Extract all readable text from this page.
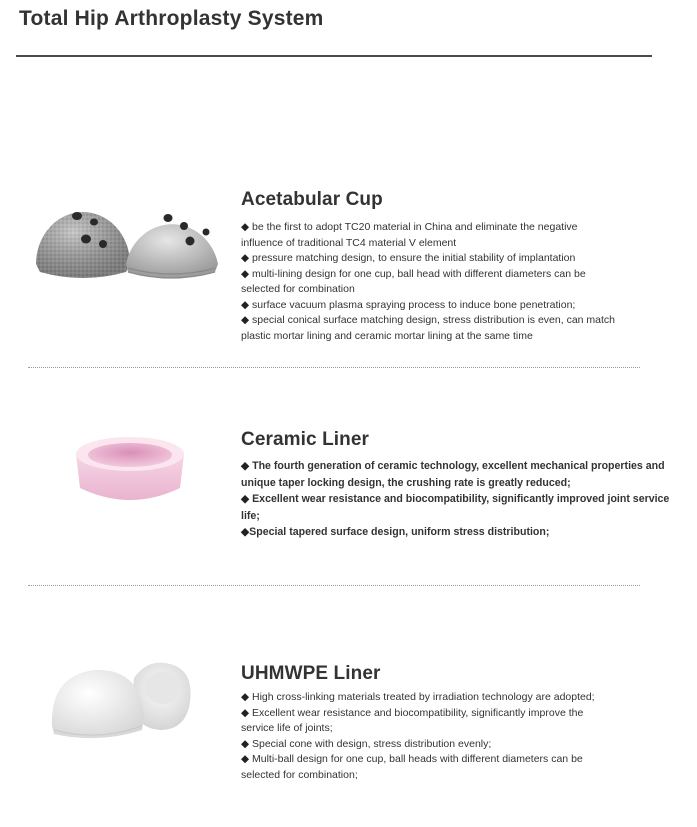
Total Hip Arthroplasty System
Acetabular Cup
◆ be the first to adopt TC20 material in China and eliminate the negative influence of traditional TC4 material V element
◆ pressure matching design, to ensure the initial stability of implantation
◆ multi-lining design for one cup, ball head with different diameters can be selected for combination
◆ surface vacuum plasma spraying process to induce bone penetration;
◆ special conical surface matching design, stress distribution is even, can match plastic mortar lining and ceramic mortar lining at the same time
Ceramic Liner
◆ The fourth generation of ceramic technology, excellent mechanical properties and unique taper locking design, the crushing rate is greatly reduced;
◆ Excellent wear resistance and biocompatibility, significantly improved joint service life;
◆Special tapered surface design, uniform stress distribution;
UHMWPE Liner
◆ High cross-linking materials treated by irradiation technology are adopted;
◆ Excellent wear resistance and biocompatibility, significantly improve the service life of joints;
◆ Special cone with design, stress distribution evenly;
◆ Multi-ball design for one cup, ball heads with different diameters can be selected for combination;
